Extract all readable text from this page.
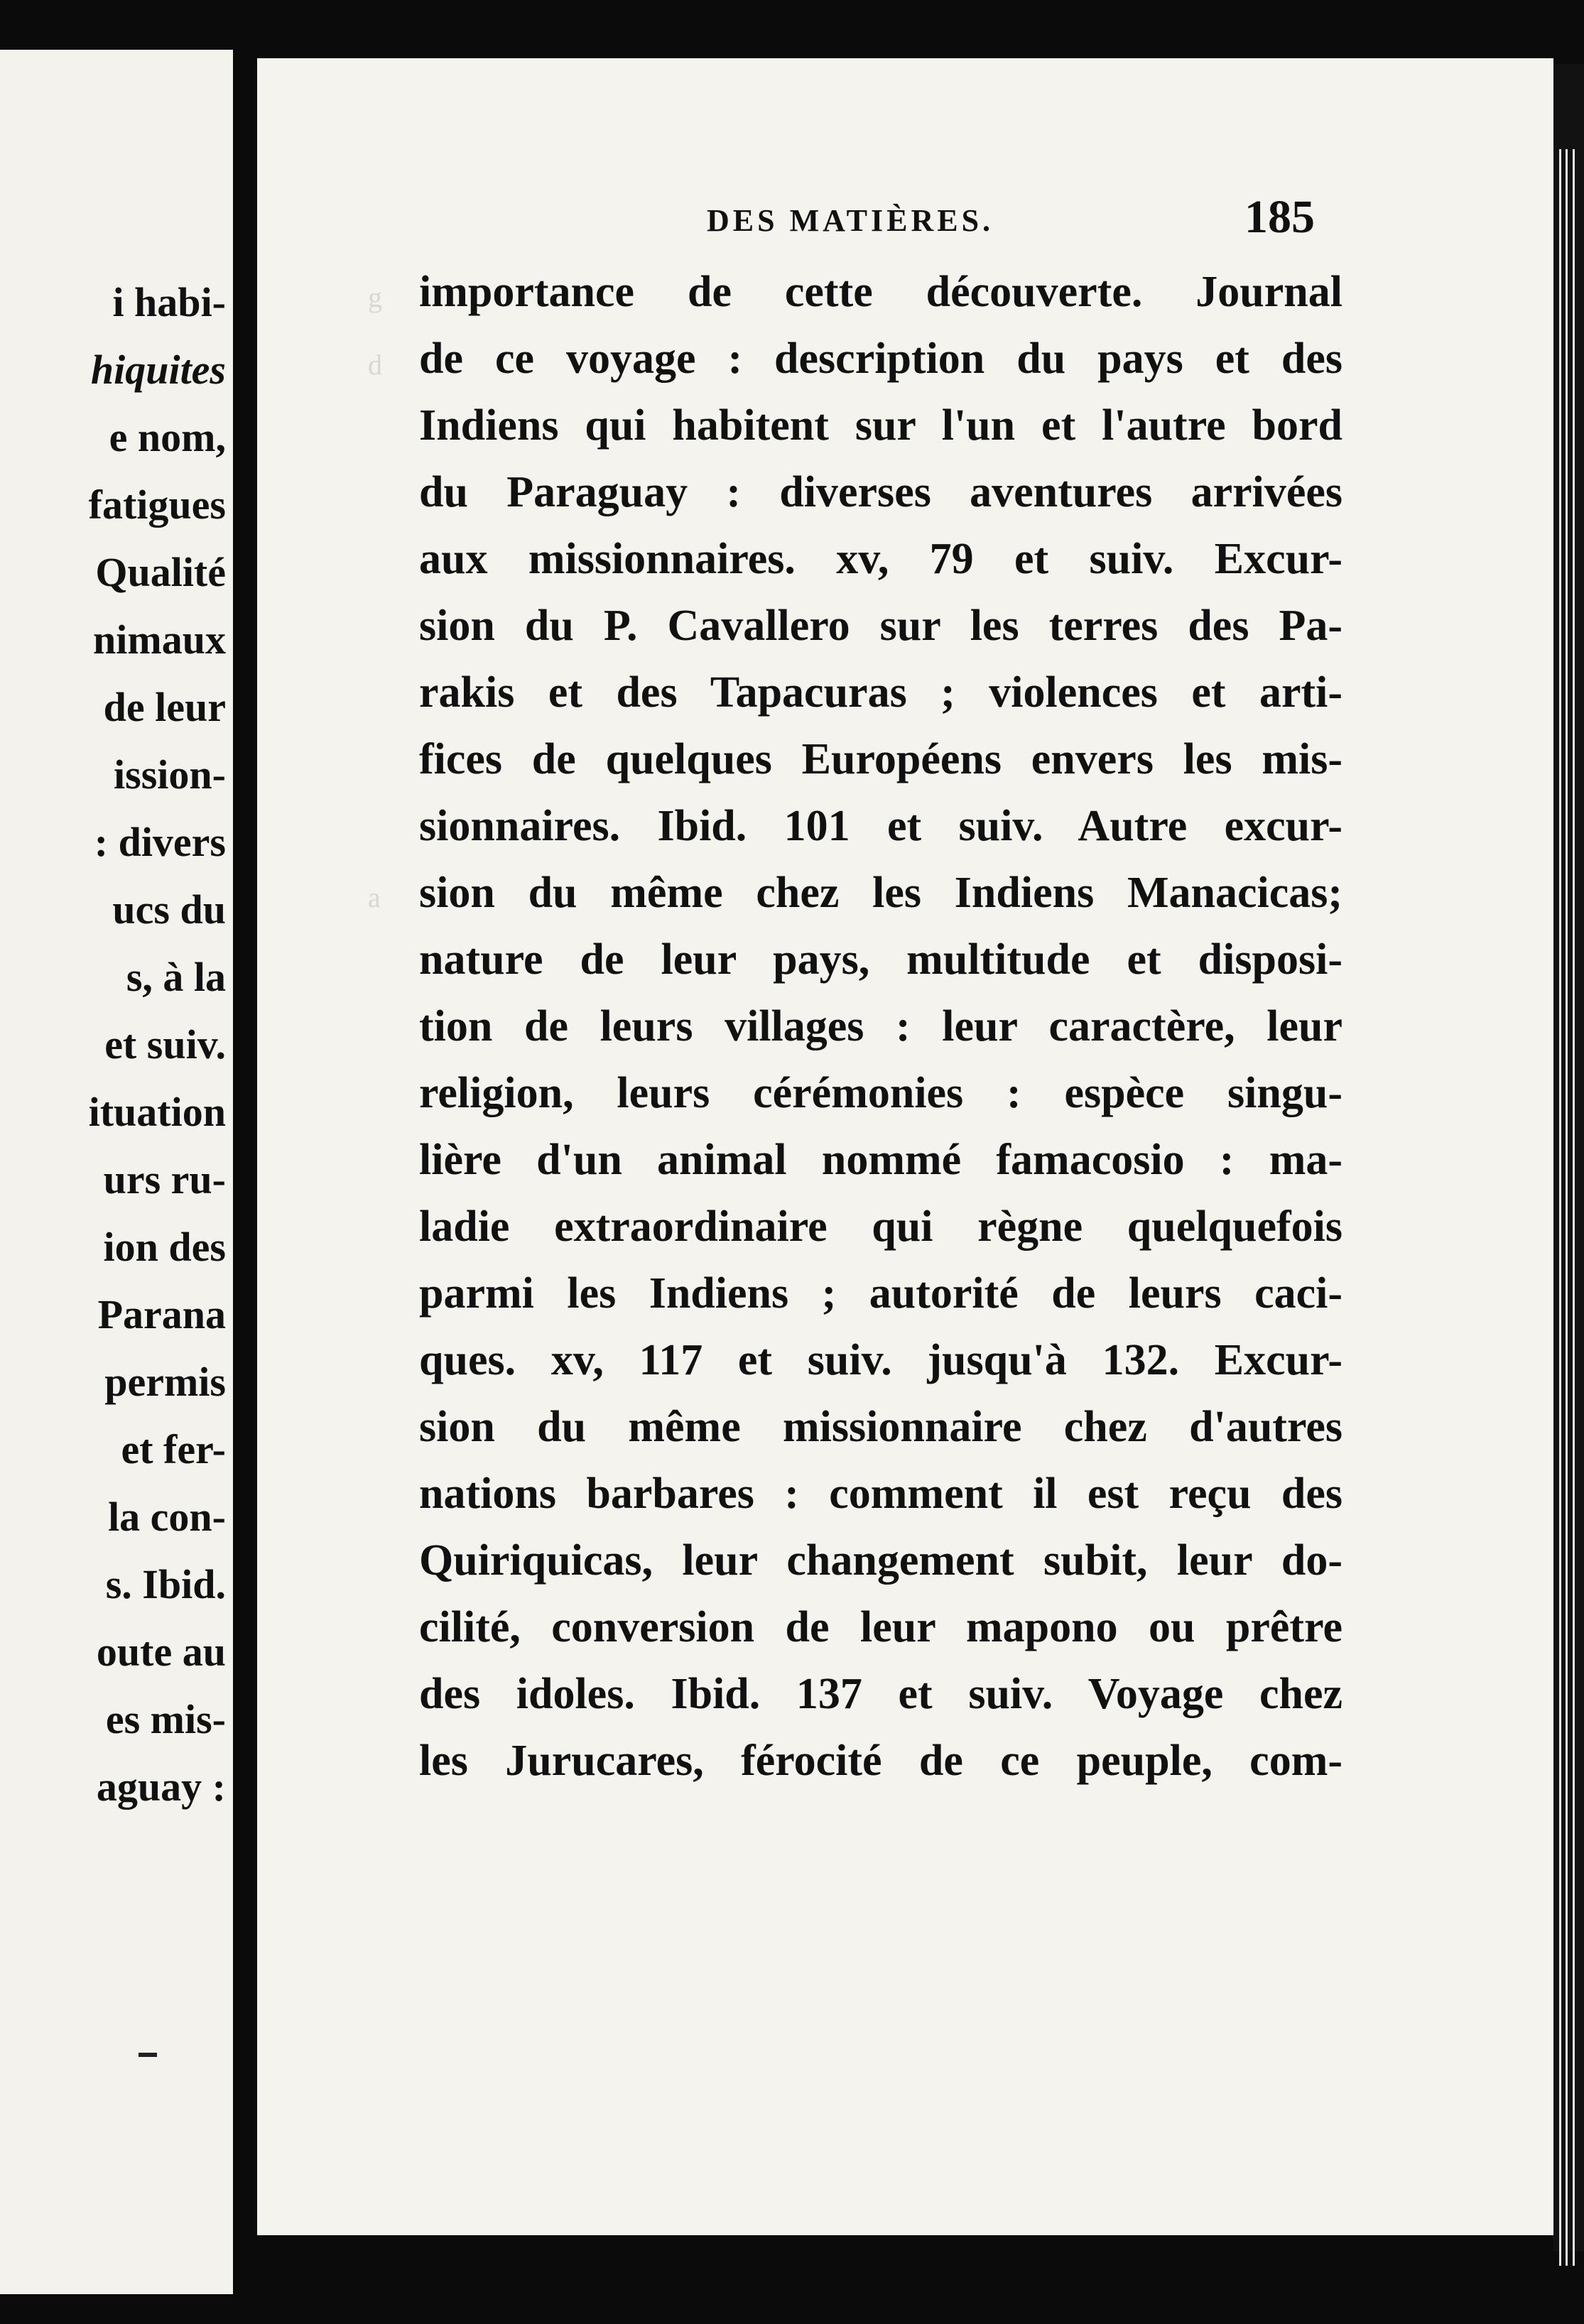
i habi-
hiquites
e nom,
fatigues
Qualité
nimaux
de leur
ission-
: divers
ucs du
s, à la
et suiv.
ituation
urs ru-
ion des
Parana
permis
et fer-
la con-
s. Ibid.
oute au
es mis-
aguay :
DES MATIÈRES.	185
g
d
a
importance de cette découverte. Journal
de ce voyage : description du pays et des
Indiens qui habitent sur l'un et l'autre bord
du Paraguay : diverses aventures arrivées
aux missionnaires. xv, 79 et suiv. Excur-
sion du P. Cavallero sur les terres des Pa-
rakis et des Tapacuras ; violences et arti-
fices de quelques Européens envers les mis-
sionnaires. Ibid. 101 et suiv. Autre excur-
sion du même chez les Indiens Manacicas;
nature de leur pays, multitude et disposi-
tion de leurs villages : leur caractère, leur
religion, leurs cérémonies : espèce singu-
lière d'un animal nommé famacosio : ma-
ladie extraordinaire qui règne quelquefois
parmi les Indiens ; autorité de leurs caci-
ques. xv, 117 et suiv. jusqu'à 132. Excur-
sion du même missionnaire chez d'autres
nations barbares : comment il est reçu des
Quiriquicas, leur changement subit, leur do-
cilité, conversion de leur mapono ou prêtre
des idoles. Ibid. 137 et suiv. Voyage chez
les Jurucares, férocité de ce peuple, com-
